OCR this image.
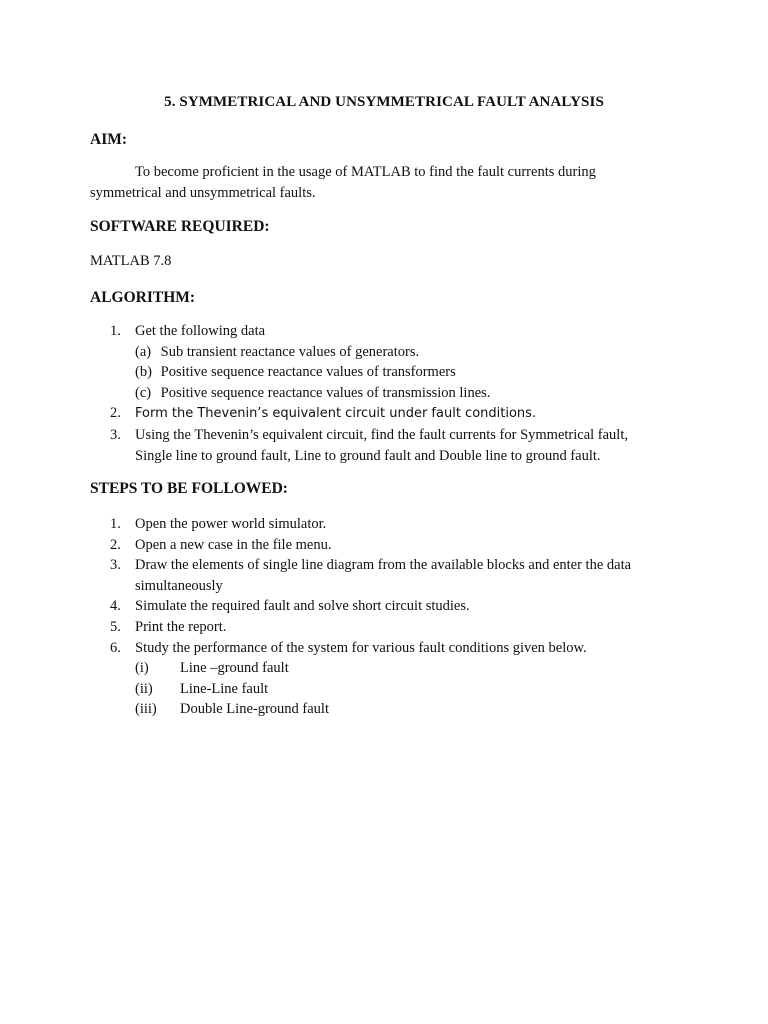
5. SYMMETRICAL AND UNSYMMETRICAL FAULT ANALYSIS
AIM:
To become proficient in the usage of MATLAB to find the fault currents during
symmetrical and unsymmetrical faults.
SOFTWARE REQUIRED:
MATLAB 7.8
ALGORITHM:
1. Get the following data
(a) Sub transient reactance values of generators.
(b) Positive sequence reactance values of transformers
(c) Positive sequence reactance values of transmission lines.
2. Form the Thevenin’s equivalent circuit under fault conditions.
3. Using the Thevenin’s equivalent circuit, find the fault currents for Symmetrical fault,
Single line to ground fault, Line to ground fault and Double line to ground fault.
STEPS TO BE FOLLOWED:
1. Open the power world simulator.
2. Open a new case in the file menu.
3. Draw the elements of single line diagram from the available blocks and enter the data
simultaneously
4. Simulate the required fault and solve short circuit studies.
5. Print the report.
6. Study the performance of the system for various fault conditions given below.
(i) Line –ground fault
(ii) Line-Line fault
(iii) Double Line-ground fault
